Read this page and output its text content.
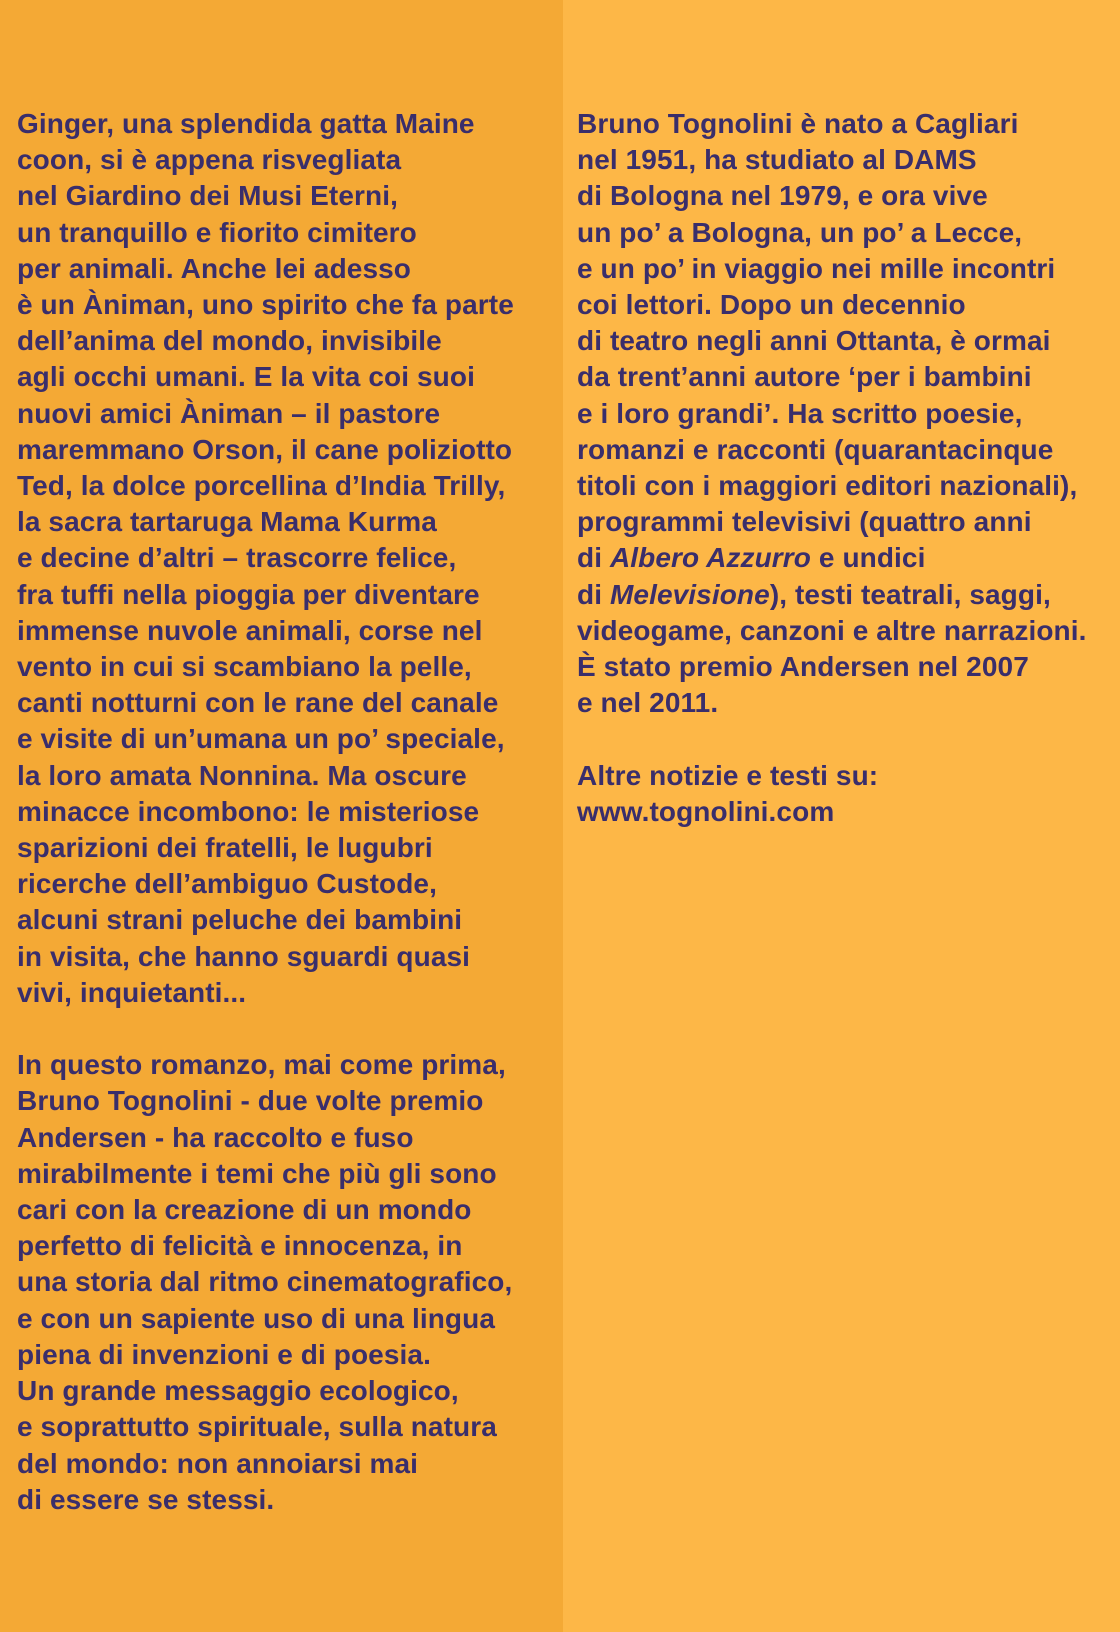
Ginger, una splendida gatta Maine
coon, si è appena risvegliata
nel Giardino dei Musi Eterni,
un tranquillo e fiorito cimitero
per animali. Anche lei adesso
è un Àniman, uno spirito che fa parte
dell’anima del mondo, invisibile
agli occhi umani. E la vita coi suoi
nuovi amici Àniman – il pastore
maremmano Orson, il cane poliziotto
Ted, la dolce porcellina d’India Trilly,
la sacra tartaruga Mama Kurma
e decine d’altri – trascorre felice,
fra tuffi nella pioggia per diventare
immense nuvole animali, corse nel
vento in cui si scambiano la pelle,
canti notturni con le rane del canale
e visite di un’umana un po’ speciale,
la loro amata Nonnina. Ma oscure
minacce incombono: le misteriose
sparizioni dei fratelli, le lugubri
ricerche dell’ambiguo Custode,
alcuni strani peluche dei bambini
in visita, che hanno sguardi quasi
vivi, inquietanti...
In questo romanzo, mai come prima,
Bruno Tognolini - due volte premio
Andersen - ha raccolto e fuso
mirabilmente i temi che più gli sono
cari con la creazione di un mondo
perfetto di felicità e innocenza, in
una storia dal ritmo cinematografico,
e con un sapiente uso di una lingua
piena di invenzioni e di poesia.
Un grande messaggio ecologico,
e soprattutto spirituale, sulla natura
del mondo: non annoiarsi mai
di essere se stessi.
Bruno Tognolini è nato a Cagliari
nel 1951, ha studiato al DAMS
di Bologna nel 1979, e ora vive
un po’ a Bologna, un po’ a Lecce,
e un po’ in viaggio nei mille incontri
coi lettori. Dopo un decennio
di teatro negli anni Ottanta, è ormai
da trent’anni autore ‘per i bambini
e i loro grandi’. Ha scritto poesie,
romanzi e racconti (quarantacinque
titoli con i maggiori editori nazionali),
programmi televisivi (quattro anni
di Albero Azzurro e undici
di Melevisione), testi teatrali, saggi,
videogame, canzoni e altre narrazioni.
È stato premio Andersen nel 2007
e nel 2011.
Altre notizie e testi su:
www.tognolini.com
